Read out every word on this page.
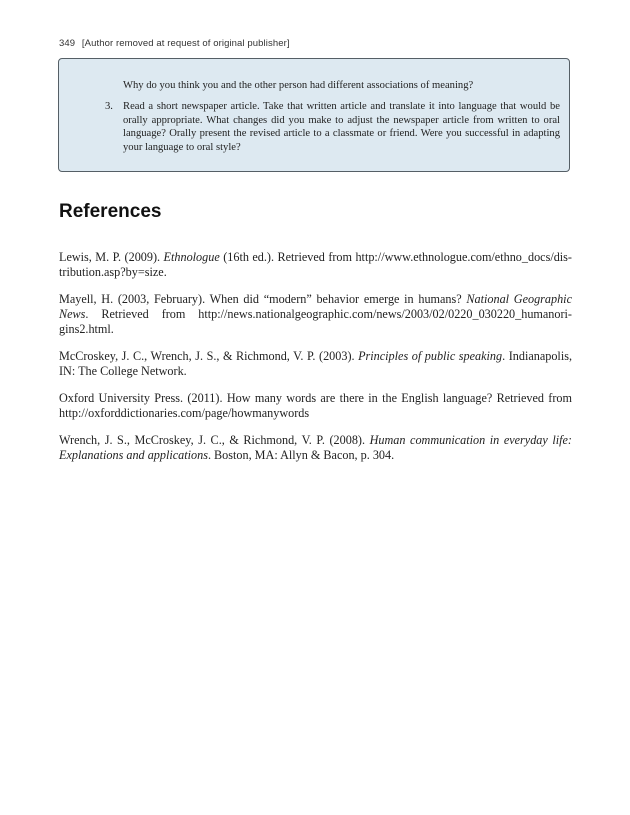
349 [Author removed at request of original publisher]
Why do you think you and the other person had different associations of meaning?
3. Read a short newspaper article. Take that written article and translate it into language that would be orally appropriate. What changes did you make to adjust the newspaper article from written to oral language? Orally present the revised article to a classmate or friend. Were you successful in adapting your language to oral style?
References
Lewis, M. P. (2009). Ethnologue (16th ed.). Retrieved from http://www.ethnologue.com/ethno_docs/dis-tribution.asp?by=size.
Mayell, H. (2003, February). When did “modern” behavior emerge in humans? National Geographic News. Retrieved from http://news.nationalgeographic.com/news/2003/02/0220_030220_humanori-gins2.html.
McCroskey, J. C., Wrench, J. S., & Richmond, V. P. (2003). Principles of public speaking. Indianapolis, IN: The College Network.
Oxford University Press. (2011). How many words are there in the English language? Retrieved from http://oxforddictionaries.com/page/howmanywords
Wrench, J. S., McCroskey, J. C., & Richmond, V. P. (2008). Human communication in everyday life: Explanations and applications. Boston, MA: Allyn & Bacon, p. 304.
